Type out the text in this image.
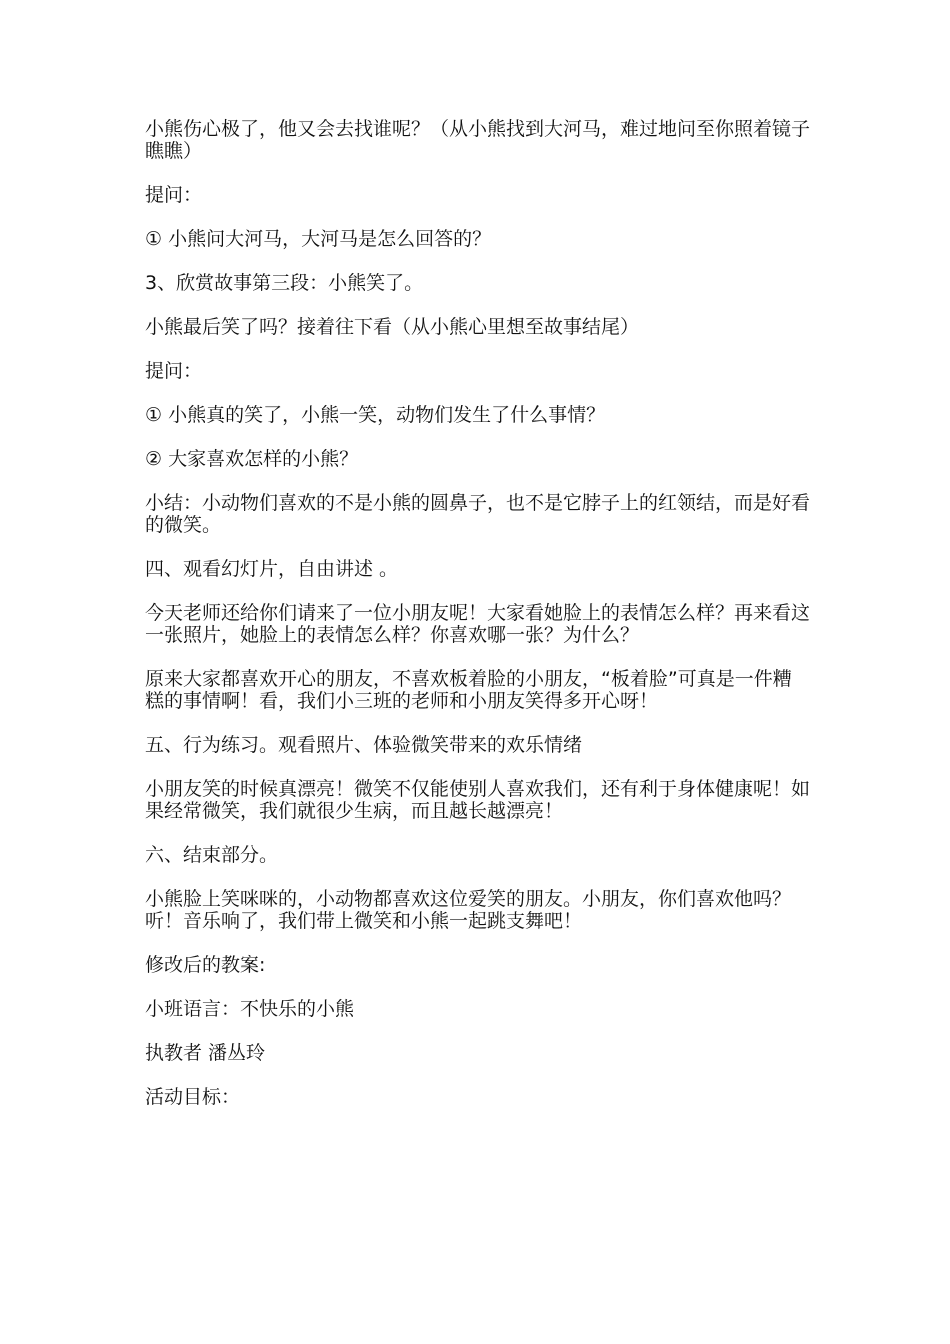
小熊伤心极了，他又会去找谁呢？（从小熊找到大河马，难过地问至你照着镜子瞧瞧）

提问：

① 小熊问大河马，大河马是怎么回答的？

3、欣赏故事第三段：小熊笑了。

小熊最后笑了吗？接着往下看（从小熊心里想至故事结尾）

提问：

① 小熊真的笑了，小熊一笑，动物们发生了什么事情？

② 大家喜欢怎样的小熊？

小结：小动物们喜欢的不是小熊的圆鼻子，也不是它脖子上的红领结，而是好看的微笑。

四、观看幻灯片，自由讲述 。

今天老师还给你们请来了一位小朋友呢！大家看她脸上的表情怎么样？再来看这一张照片，她脸上的表情怎么样？你喜欢哪一张？为什么？

原来大家都喜欢开心的朋友，不喜欢板着脸的小朋友，“板着脸”可真是一件糟糕的事情啊！看，我们小三班的老师和小朋友笑得多开心呀！

五、行为练习。观看照片、体验微笑带来的欢乐情绪

小朋友笑的时候真漂亮！微笑不仅能使别人喜欢我们，还有利于身体健康呢！如果经常微笑，我们就很少生病，而且越长越漂亮！

六、结束部分。

小熊脸上笑咪咪的，小动物都喜欢这位爱笑的朋友。小朋友，你们喜欢他吗？听！音乐响了，我们带上微笑和小熊一起跳支舞吧！

修改后的教案:

小班语言：不快乐的小熊

执教者 潘丛玲

活动目标：
